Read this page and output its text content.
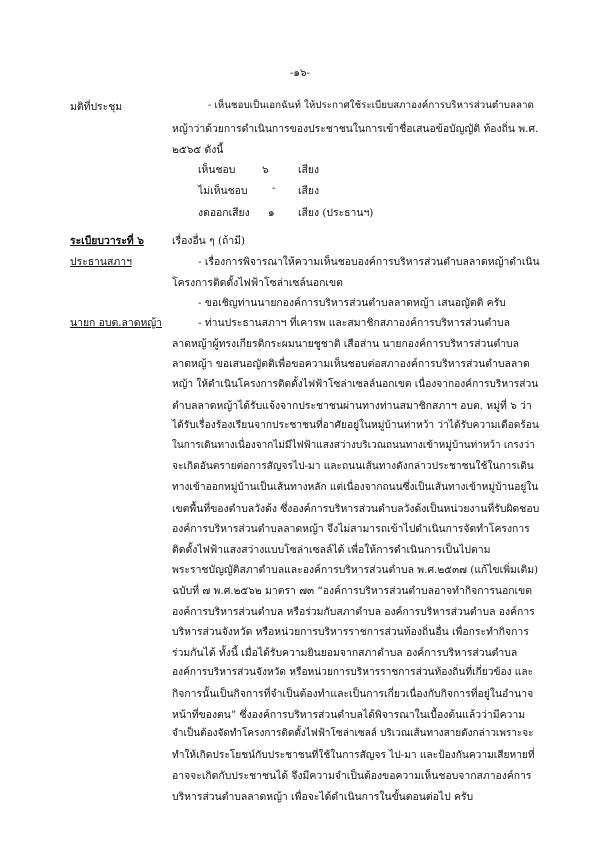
-๑๖-
มติที่ประชุม	- เห็นชอบเป็นเอกฉันท์ ให้ประกาศใช้ระเบียบสภาองค์การบริหารส่วนตำบลลาด
หญ้าว่าด้วยการดำเนินการของประชาชนในการเข้าชื่อเสนอข้อบัญญัติ ท้องถิ่น พ.ศ.
๒๕๖๕ ดังนี้
เห็นชอบ	๖	เสียง
ไม่เห็นชอบ - เสียง
งดออกเสียง ๑ เสียง (ประธานฯ)
ระเบียบวาระที่ ๖	เรื่องอื่น ๆ (ถ้ามี)
ประธานสภาฯ	- เรื่องการพิจารณาให้ความเห็นชอบองค์การบริหารส่วนตำบลลาดหญ้าดำเนิน
โครงการติดตั้งไฟฟ้าโซล่าเซล์นอกเขต
- ขอเชิญท่านนายกองค์การบริหารส่วนตำบลลาดหญ้า เสนอญัตติ ครับ
นายก อบต.ลาดหญ้า	- ท่านประธานสภาฯ ที่เคารพ และสมาชิกสภาองค์การบริหารส่วนตำบล
ลาดหญ้าผู้ทรงเกียรติกระผมนายชูชาติ เสือส่าน นายกองค์การบริหารส่วนตำบล
ลาดหญ้า ขอเสนอญัตติเพื่อขอความเห็นชอบต่อสภาองค์การบริหารส่วนตำบลลาด
หญ้า ให้ดำเนินโครงการติดตั้งไฟฟ้าโซล่าเซลล์นอกเขต เนื่องจากองค์การบริหารส่วน
ตำบลลาดหญ้าได้รับแจ้งจากประชาชนผ่านทางท่านสมาชิกสภาฯ อบต. หมู่ที่ ๖ ว่า
ได้รับเรื่องร้องเรียนจากประชาชนที่อาศัยอยู่ในหมู่บ้านท่าหว้า ว่าได้รับความเดือดร้อน
ในการเดินทางเนื่องจากไม่มีไฟฟ้าแสงสว่างบริเวณถนนทางเข้าหมู่บ้านท่าหว้า เกรงว่า
จะเกิดอันตรายต่อการสัญจรไป-มา และถนนเส้นทางดังกล่าวประชาชนใช้ในการเดิน
ทางเข้าออกหมู่บ้านเป็นเส้นทางหลัก แต่เนื่องจากถนนซึ่งเป็นเส้นทางเข้าหมู่บ้านอยู่ใน
เขตพื้นที่ของตำบลวังด้ง ซึ่งองค์การบริหารส่วนตำบลวังด้งเป็นหน่วยงานที่รับผิดชอบ
องค์การบริหารส่วนตำบลลาดหญ้า จึงไม่สามารถเข้าไปดำเนินการจัดทำโครงการ
ติดตั้งไฟฟ้าแสงสว่างแบบโซล่าเซลล์ได้ เพื่อให้การดำเนินการเป็นไปตาม
พระราชบัญญัติสภาตำบลและองค์การบริหารส่วนตำบล พ.ศ.๒๕๓๗ (แก้ไขเพิ่มเติม)
ฉบับที่ ๗ พ.ศ.๒๕๖๒ มาตรา ๗๓ “องค์การบริหารส่วนตำบลอาจทำกิจการนอกเขต
องค์การบริหารส่วนตำบล หรือร่วมกับสภาตำบล องค์การบริหารส่วนตำบล องค์การ
บริหารส่วนจังหวัด หรือหน่วยการบริหารราชการส่วนท้องถิ่นอื่น เพื่อกระทำกิจการ
ร่วมกันได้ ทั้งนี้ เมื่อได้รับความยินยอมจากสภาตำบล องค์การบริหารส่วนตำบล
องค์การบริหารส่วนจังหวัด หรือหน่วยการบริหารราชการส่วนท้องถิ่นที่เกี่ยวข้อง และ
กิจการนั้นเป็นกิจการที่จำเป็นต้องทำและเป็นการเกี่ยวเนื่องกับกิจการที่อยู่ในอำนาจ
หน้าที่ของตน” ซึ่งองค์การบริหารส่วนตำบลได้พิจารณาในเบื้องต้นแล้วว่ามีความ
จำเป็นต้องจัดทำโครงการติดตั้งไฟฟ้าโซล่าเซลล์ บริเวณเส้นทางสายดังกล่าวเพราะจะ
ทำให้เกิดประโยชน์กับประชาชนที่ใช้ในการสัญจร ไป-มา และป้องกันความเสียหายที่
อาจจะเกิดกับประชาชนได้ จึงมีความจำเป็นต้องขอความเห็นชอบจากสภาองค์การ
บริหารส่วนตำบลลาดหญ้า เพื่อจะได้ดำเนินการในขั้นตอนต่อไป ครับ
